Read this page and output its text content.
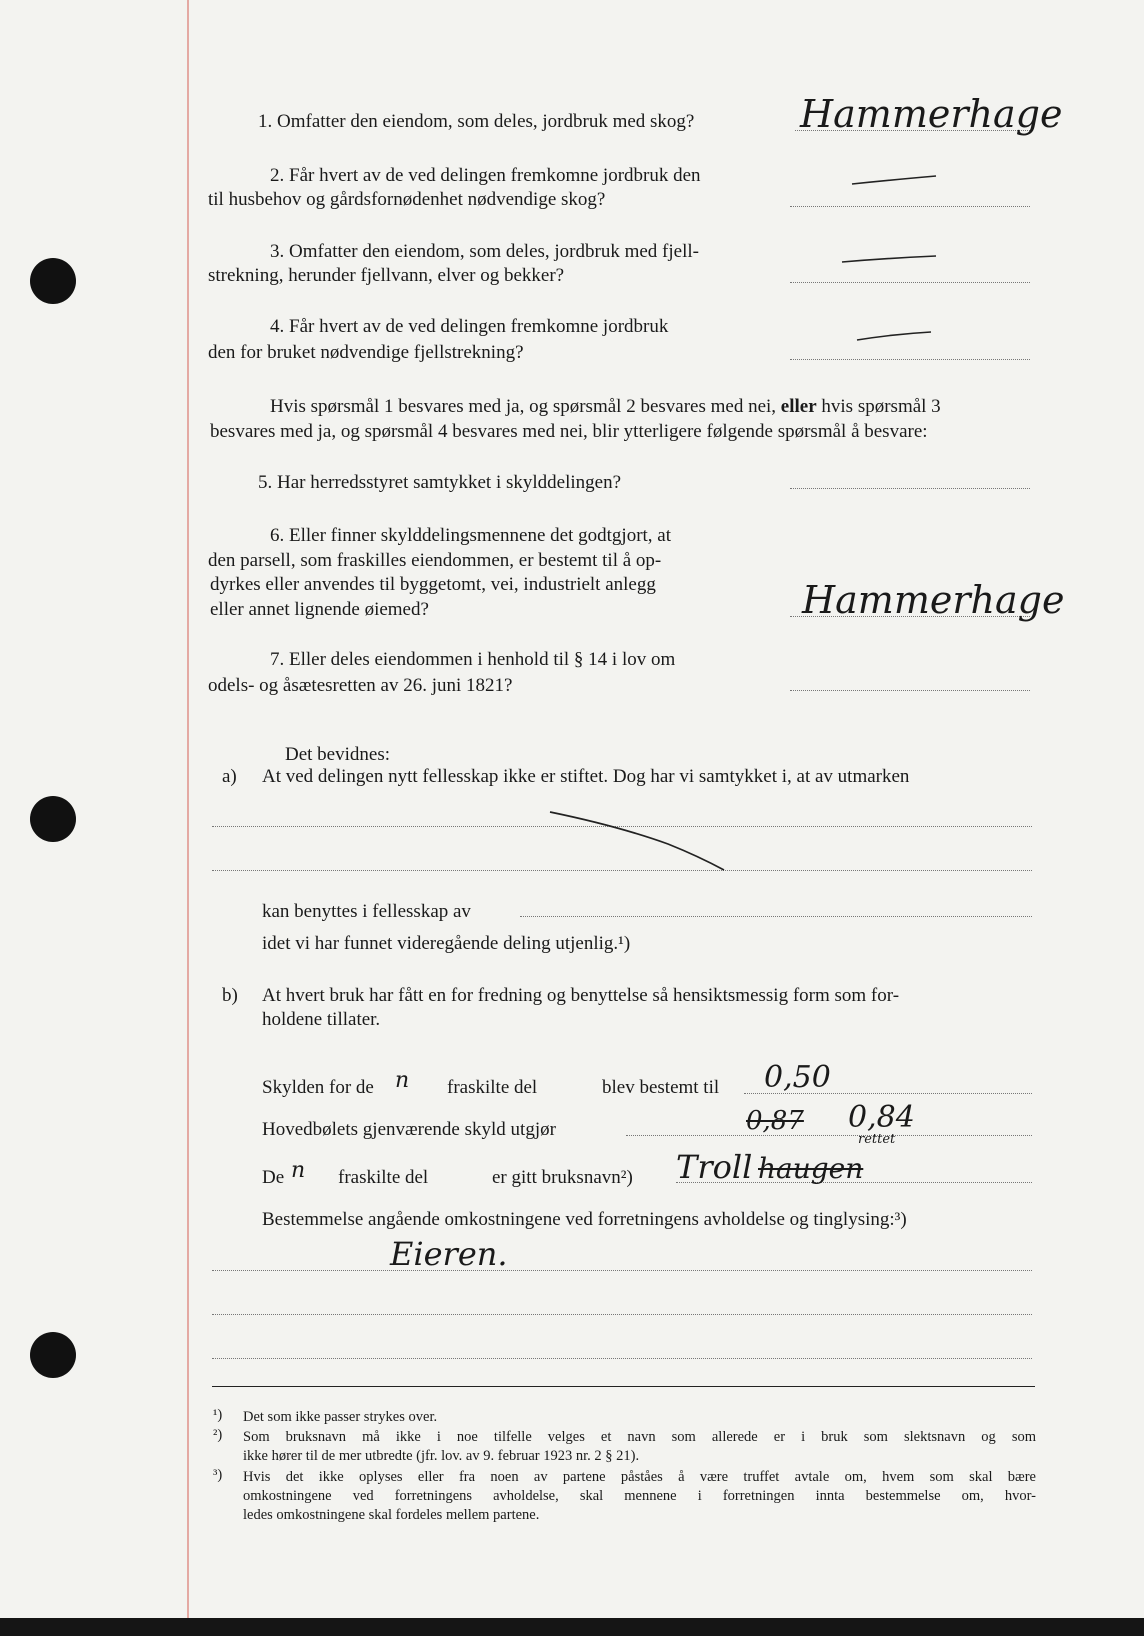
1. Omfatter den eiendom, som deles, jordbruk med skog?	Hammerhage
2. Får hvert av de ved delingen fremkomne jordbruk den
til husbehov og gårdsfornødenhet nødvendige skog?
3. Omfatter den eiendom, som deles, jordbruk med fjell-
strekning, herunder fjellvann, elver og bekker?
4. Får hvert av de ved delingen fremkomne jordbruk
den for bruket nødvendige fjellstrekning?
Hvis spørsmål 1 besvares med ja, og spørsmål 2 besvares med nei, eller hvis spørsmål 3
besvares med ja, og spørsmål 4 besvares med nei, blir ytterligere følgende spørsmål å besvare:
5. Har herredsstyret samtykket i skylddelingen?
6. Eller finner skylddelingsmennene det godtgjort, at
den parsell, som fraskilles eiendommen, er bestemt til å op-
dyrkes eller anvendes til byggetomt, vei, industrielt anlegg
eller annet lignende øiemed?	Hammerhage
7. Eller deles eiendommen i henhold til § 14 i lov om
odels- og åsætesretten av 26. juni 1821?
Det bevidnes:
a) At ved delingen nytt fellesskap ikke er stiftet. Dog har vi samtykket i, at av utmarken
kan benyttes i fellesskap av
idet vi har funnet videregående deling utjenlig.¹)
b) At hvert bruk har fått en for fredning og benyttelse så hensiktsmessig form som for-
holdene tillater.
Skylden for de n fraskilte del	blev bestemt til 0,50
Hovedbølets gjenværende skyld utgjør	0,87 0,84
rettet
De n fraskilte del	er gitt bruksnavn²) Troll haugen
Bestemmelse angående omkostningene ved forretningens avholdelse og tinglysing:³)
Eieren.
¹) Det som ikke passer strykes over.
²) Som bruksnavn må ikke i noe tilfelle velges et navn som allerede er i bruk som slektsnavn og som
ikke hører til de mer utbredte (jfr. lov. av 9. februar 1923 nr. 2 § 21).
³) Hvis det ikke oplyses eller fra noen av partene påståes å være truffet avtale om, hvem som skal bære
omkostningene ved forretningens avholdelse, skal mennene i forretningen innta bestemmelse om, hvor-
ledes omkostningene skal fordeles mellem partene.
